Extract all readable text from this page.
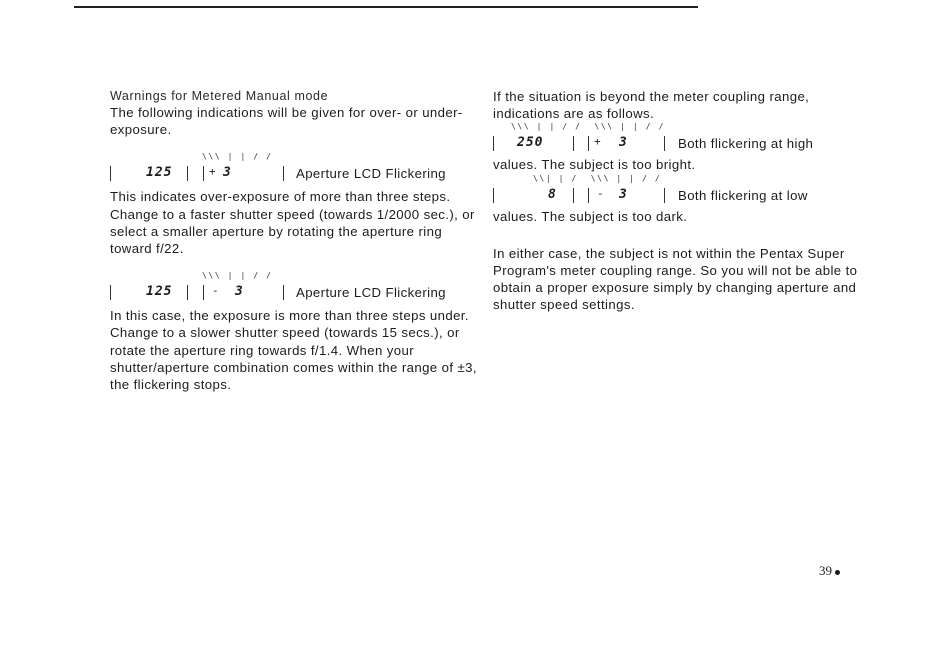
Warnings for Metered Manual mode

The following indications will be given for over- or under-exposure.

\\\ | | / /
125	+ 3	Aperture LCD Flickering

This indicates over-exposure of more than three steps. Change to a faster shutter speed (towards 1/2000 sec.), or select a smaller aperture by rotating the aperture ring toward f/22.

\\\ | | / /
125	- 3	Aperture LCD Flickering

In this case, the exposure is more than three steps under. Change to a slower shutter speed (towards 15 secs.), or rotate the aperture ring towards f/1.4. When your shutter/aperture combination comes within the range of ±3, the flickering stops.

If the situation is beyond the meter coupling range, indications are as follows.

\\\ | | / /  \\\ | | / /
250	+ 3	Both flickering at high

values. The subject is too bright.

\\| | /  \\\ | | / /
8	- 3	Both flickering at low

values. The subject is too dark.

In either case, the subject is not within the Pentax Super Program's meter coupling range. So you will not be able to obtain a proper exposure simply by changing aperture and shutter speed settings.

39
